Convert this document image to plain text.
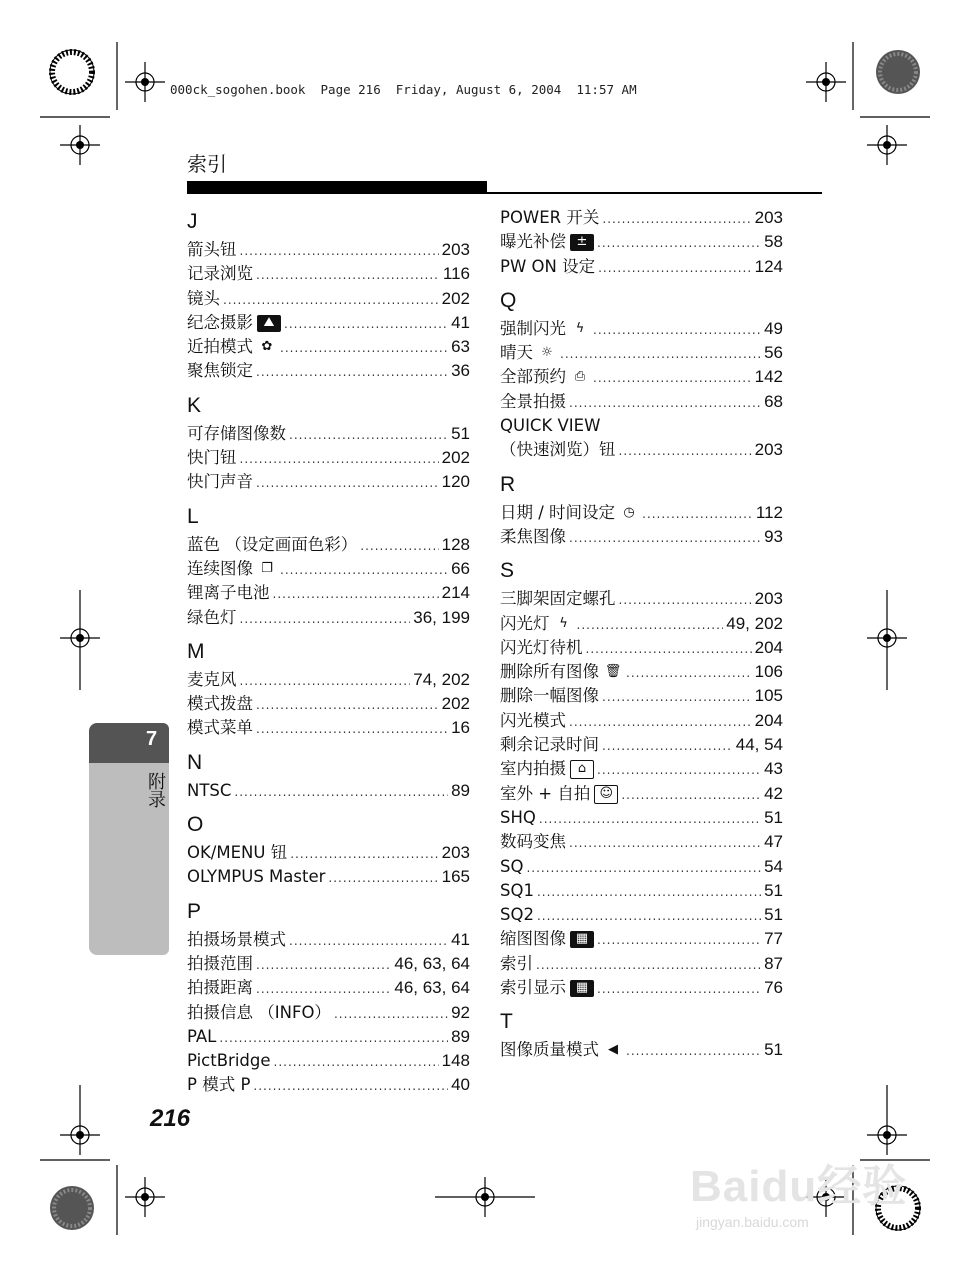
000ck_sogohen.book  Page 216  Friday, August 6, 2004  11:57 AM
索引
J
箭头钮 .....	203
记录浏览 .....	116
镜头 .....	202
纪念摄影 ⛰ .....	41
近拍模式 ✿ .....	63
聚焦锁定 .....	36
K
可存储图像数 .....	51
快门钮 .....	202
快门声音 .....	120
L
蓝色 （设定画面色彩） .....	128
连续图像 ❐ .....	66
锂离子电池 .....	214
绿色灯 .....	36, 199
M
麦克风 .....	74, 202
模式拨盘 .....	202
模式菜单 .....	16
N
NTSC .....	89
O
OK/MENU 钮 .....	203
OLYMPUS Master .....	165
P
拍摄场景模式 .....	41
拍摄范围 .....	46, 63, 64
拍摄距离 .....	46, 63, 64
拍摄信息 （INFO） .....	92
PAL .....	89
PictBridge .....	148
P 模式 P .....	40
POWER 开关 .....	203
曝光补偿 ± .....	58
PW ON 设定 .....	124
Q
强制闪光 ϟ .....	49
晴天 ☼ .....	56
全部预约 ⎙ .....	142
全景拍摄 .....	68
QUICK VIEW
（快速浏览）钮 .....	203
R
日期 / 时间设定 ◷ .....	112
柔焦图像 .....	93
S
三脚架固定螺孔 .....	203
闪光灯 ϟ .....	49, 202
闪光灯待机 .....	204
删除所有图像 🗑 .....	106
删除一幅图像 .....	105
闪光模式 .....	204
剩余记录时间 .....	44, 54
室内拍摄 ⌂ .....	43
室外 + 自拍 ☺ .....	42
SHQ .....	51
数码变焦 .....	47
SQ .....	54
SQ1 .....	51
SQ2 .....	51
缩图图像 ▦ .....	77
索引 .....	87
索引显示 ▦ .....	76
T
图像质量模式 ◀ .....	51
7
附录
216
Baidu经验
jingyan.baidu.com
